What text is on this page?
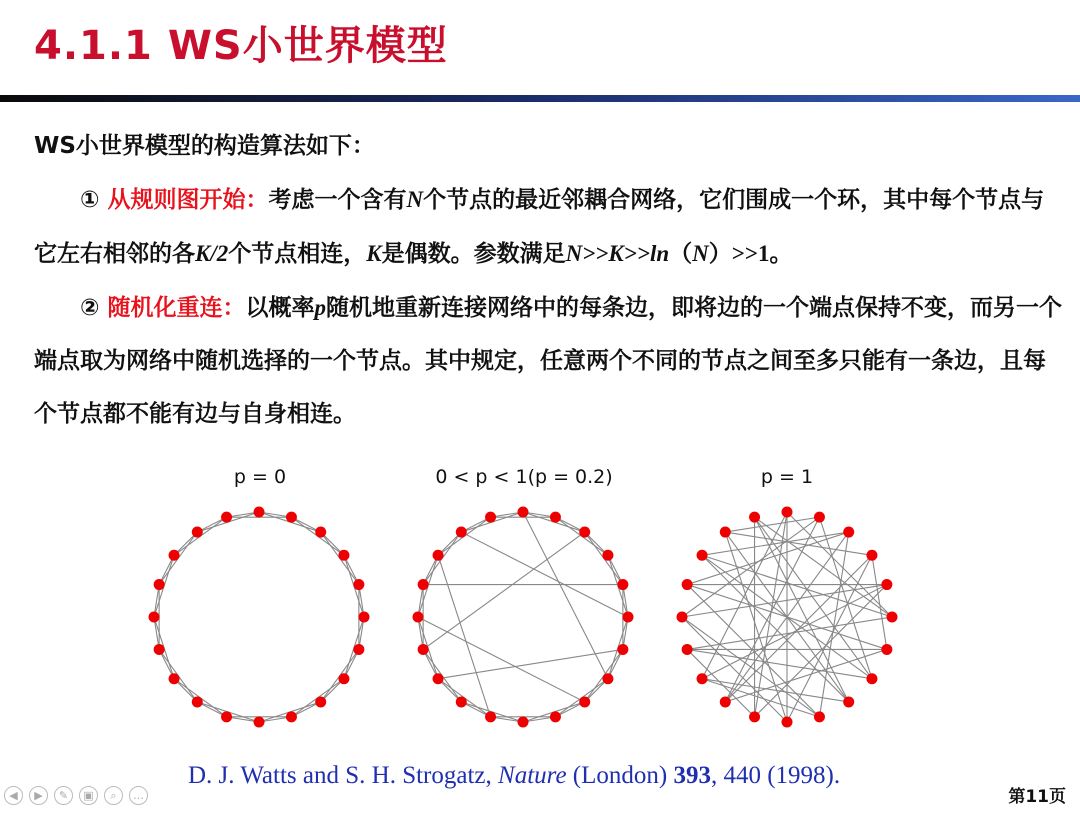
4.1.1 WS小世界模型

WS小世界模型的构造算法如下：

① 从规则图开始：考虑一个含有N个节点的最近邻耦合网络，它们围成一个环，其中每个节点与它左右相邻的各K/2个节点相连，K是偶数。参数满足N>>K>>ln（N）>>1。

② 随机化重连：以概率p随机地重新连接网络中的每条边，即将边的一个端点保持不变，而另一个端点取为网络中随机选择的一个节点。其中规定，任意两个不同的节点之间至多只能有一条边，且每个节点都不能有边与自身相连。

p = 0	0 < p < 1(p = 0.2)	p = 1
D. J. Watts and S. H. Strogatz, Nature (London) 393, 440 (1998).
◀	▶	✎	▣	⌕	…	第11页
